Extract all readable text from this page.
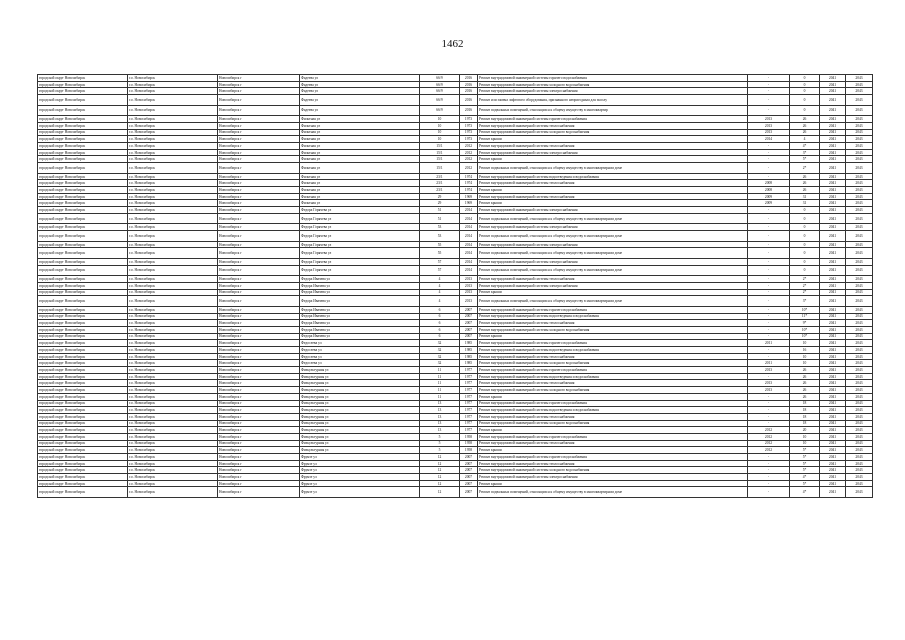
1462
городской округ Новосибирск	г.о. Новосибирск	Новосибирск г	Фадеева ул	66/9	2016	Ремонт внутридомовой инженерной системы горячего водоснабжения	-	0	2041	2043
городской округ Новосибирск	г.о. Новосибирск	Новосибирск г	Фадеева ул	66/9	2016	Ремонт внутридомовой инженерной системы холодного водоснабжения	-	0	2041	2043
городской округ Новосибирск	г.о. Новосибирск	Новосибирск г	Фадеева ул	66/9	2016	Ремонт внутридомовой инженерной системы электроснабжения	-	0	2041	2043
городской округ Новосибирск	г.о. Новосибирск	Новосибирск г	Фадеева ул	66/9	2016	Ремонт или замена лифтового оборудования, признанного непригодным для эксплу	-	0	2041	2043
городской округ Новосибирск	г.о. Новосибирск	Новосибирск г	Фадеева ул	66/9	2016	Ремонт подвальных помещений, относящихся к общему имуществу в многоквартир	-	0	2041	2043
городской округ Новосибирск	г.о. Новосибирск	Новосибирск г	Фильтная ул	10	1973	Ремонт внутридомовой инженерной системы горячего водоснабжения	2013	26	2041	2043
городской округ Новосибирск	г.о. Новосибирск	Новосибирск г	Фильтная ул	10	1973	Ремонт внутридомовой инженерной системы теплоснабжения	2013	26	2041	2043
городской округ Новосибирск	г.о. Новосибирск	Новосибирск г	Фильтная ул	10	1973	Ремонт внутридомовой инженерной системы холодного водоснабжения	2013	26	2041	2043
городской округ Новосибирск	г.о. Новосибирск	Новосибирск г	Фильтная ул	10	1973	Ремонт крыши	2014	4	2041	2043
городской округ Новосибирск	г.о. Новосибирск	Новосибирск г	Фильтная ул	15/1	2012	Ремонт внутридомовой инженерной системы теплоснабжения	-	4*	2041	2043
городской округ Новосибирск	г.о. Новосибирск	Новосибирск г	Фильтная ул	15/1	2012	Ремонт внутридомовой инженерной системы электроснабжения	-	3*	2041	2043
городской округ Новосибирск	г.о. Новосибирск	Новосибирск г	Фильтная ул	15/1	2012	Ремонт крыши	-	5*	2041	2043
городской округ Новосибирск	г.о. Новосибирск	Новосибирск г	Фильтная ул	15/1	2012	Ремонт подвальных помещений, относящихся к общему имуществу в многоквартирном доме	-	2*	2041	2043
городской округ Новосибирск	г.о. Новосибирск	Новосибирск г	Фильтная ул	23/1	1974	Ремонт внутридомовой инженерной системы водоотведения и водоснабжения	-	26	2041	2043
городской округ Новосибирск	г.о. Новосибирск	Новосибирск г	Фильтная ул	23/1	1974	Ремонт внутридомовой инженерной системы теплоснабжения	2008	26	2041	2043
городской округ Новосибирск	г.о. Новосибирск	Новосибирск г	Фильтная ул	23/1	1974	Ремонт крыши	2008	26	2041	2043
городской округ Новосибирск	г.о. Новосибирск	Новосибирск г	Фильтная ул	29	1969	Ремонт внутридомовой инженерной системы теплоснабжения	2009	31	2041	2043
городской округ Новосибирск	г.о. Новосибирск	Новосибирск г	Фильтная ул	29	1969	Ремонт крыши	2009	31	2041	2043
городской округ Новосибирск	г.о. Новосибирск	Новосибирск г	Федора Горячева ул	51	2014	Ремонт внутридомовой инженерной системы электроснабжения	-	0	2041	2043
городской округ Новосибирск	г.о. Новосибирск	Новосибирск г	Федора Горячева ул	51	2014	Ремонт подвальных помещений, относящихся к общему имуществу в многоквартирном доме	-	0	2041	2043
городской округ Новосибирск	г.о. Новосибирск	Новосибирск г	Федора Горячева ул	53	2014	Ремонт внутридомовой инженерной системы электроснабжения	-	0	2041	2043
городской округ Новосибирск	г.о. Новосибирск	Новосибирск г	Федора Горячева ул	53	2014	Ремонт подвальных помещений, относящихся к общему имуществу в многоквартирном доме	-	0	2041	2043
городской округ Новосибирск	г.о. Новосибирск	Новосибирск г	Федора Горячева ул	55	2014	Ремонт внутридомовой инженерной системы электроснабжения	-	0	2041	2043
городской округ Новосибирск	г.о. Новосибирск	Новосибирск г	Федора Горячева ул	55	2014	Ремонт подвальных помещений, относящихся к общему имуществу в многоквартирном доме	-	0	2041	2043
городской округ Новосибирск	г.о. Новосибирск	Новосибирск г	Федора Горячева ул	57	2014	Ремонт внутридомовой инженерной системы электроснабжения	-	0	2041	2043
городской округ Новосибирск	г.о. Новосибирск	Новосибирск г	Федора Горячева ул	57	2014	Ремонт подвальных помещений, относящихся к общему имуществу в многоквартирном доме	-	0	2041	2043
городской округ Новосибирск	г.о. Новосибирск	Новосибирск г	Федора Ивачева ул	4	2013	Ремонт внутридомовой инженерной системы теплоснабжения	-	2*	2041	2043
городской округ Новосибирск	г.о. Новосибирск	Новосибирск г	Федора Ивачева ул	4	2013	Ремонт внутридомовой инженерной системы электроснабжения	-	2*	2041	2043
городской округ Новосибирск	г.о. Новосибирск	Новосибирск г	Федора Ивачева ул	4	2013	Ремонт крыши	-	2*	2041	2043
городской округ Новосибирск	г.о. Новосибирск	Новосибирск г	Федора Ивачева ул	4	2013	Ремонт подвальных помещений, относящихся к общему имуществу в многоквартирном доме	-	3*	2041	2043
городской округ Новосибирск	г.о. Новосибирск	Новосибирск г	Федора Ивачева ул	6	2007	Ремонт внутридомовой инженерной системы горячего водоснабжения	-	10*	2041	2043
городской округ Новосибирск	г.о. Новосибирск	Новосибирск г	Федора Ивачева ул	6	2007	Ремонт внутридомовой инженерной системы водоотведения и водоснабжения	-	11*	2041	2043
городской округ Новосибирск	г.о. Новосибирск	Новосибирск г	Федора Ивачева ул	6	2007	Ремонт внутридомовой инженерной системы теплоснабжения	-	9*	2041	2043
городской округ Новосибирск	г.о. Новосибирск	Новосибирск г	Федора Ивачева ул	6	2007	Ремонт внутридомовой инженерной системы холодного водоснабжения	-	10*	2041	2043
городской округ Новосибирск	г.о. Новосибирск	Новосибирск г	Федора Ивачева ул	6	2007	Ремонт крыши	-	10*	2041	2043
городской округ Новосибирск	г.о. Новосибирск	Новосибирск г	Федосеева ул	32	1985	Ремонт внутридомовой инженерной системы горячего водоснабжения	2011	10	2041	2043
городской округ Новосибирск	г.о. Новосибирск	Новосибирск г	Федосеева ул	32	1985	Ремонт внутридомовой инженерной системы водоотведения и водоснабжения	-	16	2041	2043
городской округ Новосибирск	г.о. Новосибирск	Новосибирск г	Федосеева ул	32	1985	Ремонт внутридомовой инженерной системы теплоснабжения	-	10	2041	2043
городской округ Новосибирск	г.о. Новосибирск	Новосибирск г	Федосеева ул	32	1985	Ремонт внутридомовой инженерной системы холодного водоснабжения	2011	10	2041	2043
городской округ Новосибирск	г.о. Новосибирск	Новосибирск г	Физкультурная ул	11	1977	Ремонт внутридомовой инженерной системы горячего водоснабжения	2013	26	2041	2043
городской округ Новосибирск	г.о. Новосибирск	Новосибирск г	Физкультурная ул	11	1977	Ремонт внутридомовой инженерной системы водоотведения и водоснабжения	-	26	2041	2043
городской округ Новосибирск	г.о. Новосибирск	Новосибирск г	Физкультурная ул	11	1977	Ремонт внутридомовой инженерной системы теплоснабжения	2013	26	2041	2043
городской округ Новосибирск	г.о. Новосибирск	Новосибирск г	Физкультурная ул	11	1977	Ремонт внутридомовой инженерной системы холодного водоснабжения	2013	26	2041	2043
городской округ Новосибирск	г.о. Новосибирск	Новосибирск г	Физкультурная ул	11	1977	Ремонт крыши	-	26	2041	2043
городской округ Новосибирск	г.о. Новосибирск	Новосибирск г	Физкультурная ул	13	1977	Ремонт внутридомовой инженерной системы горячего водоснабжения	-	18	2041	2043
городской округ Новосибирск	г.о. Новосибирск	Новосибирск г	Физкультурная ул	13	1977	Ремонт внутридомовой инженерной системы водоотведения и водоснабжения	-	18	2041	2043
городской округ Новосибирск	г.о. Новосибирск	Новосибирск г	Физкультурная ул	13	1977	Ремонт внутридомовой инженерной системы теплоснабжения	-	18	2041	2043
городской округ Новосибирск	г.о. Новосибирск	Новосибирск г	Физкультурная ул	13	1977	Ремонт внутридомовой инженерной системы холодного водоснабжения	-	18	2041	2043
городской округ Новосибирск	г.о. Новосибирск	Новосибирск г	Физкультурная ул	13	1977	Ремонт крыши	2012	20	2041	2043
городской округ Новосибирск	г.о. Новосибирск	Новосибирск г	Физкультурная ул	5	1958	Ремонт внутридомовой инженерной системы горячего водоснабжения	2012	10	2041	2043
городской округ Новосибирск	г.о. Новосибирск	Новосибирск г	Физкультурная ул	5	1958	Ремонт внутридомовой инженерной системы теплоснабжения	2012	10	2041	2043
городской округ Новосибирск	г.о. Новосибирск	Новосибирск г	Физкультурная ул	5	1958	Ремонт крыши	2012	5*	2041	2043
городской округ Новосибирск	г.о. Новосибирск	Новосибирск г	Фрунзе ул	12	2007	Ремонт внутридомовой инженерной системы горячего водоснабжения	-	5*	2041	2043
городской округ Новосибирск	г.о. Новосибирск	Новосибирск г	Фрунзе ул	12	2007	Ремонт внутридомовой инженерной системы теплоснабжения	-	5*	2041	2043
городской округ Новосибирск	г.о. Новосибирск	Новосибирск г	Фрунзе ул	12	2007	Ремонт внутридомовой инженерной системы холодного водоснабжения	-	5*	2041	2043
городской округ Новосибирск	г.о. Новосибирск	Новосибирск г	Фрунзе ул	12	2007	Ремонт внутридомовой инженерной системы электроснабжения	-	4*	2041	2043
городской округ Новосибирск	г.о. Новосибирск	Новосибирск г	Фрунзе ул	12	2007	Ремонт крыши	-	5*	2041	2043
городской округ Новосибирск	г.о. Новосибирск	Новосибирск г	Фрунзе ул	12	2007	Ремонт подвальных помещений, относящихся к общему имуществу в многоквартирном доме	-	4*	2041	2043
